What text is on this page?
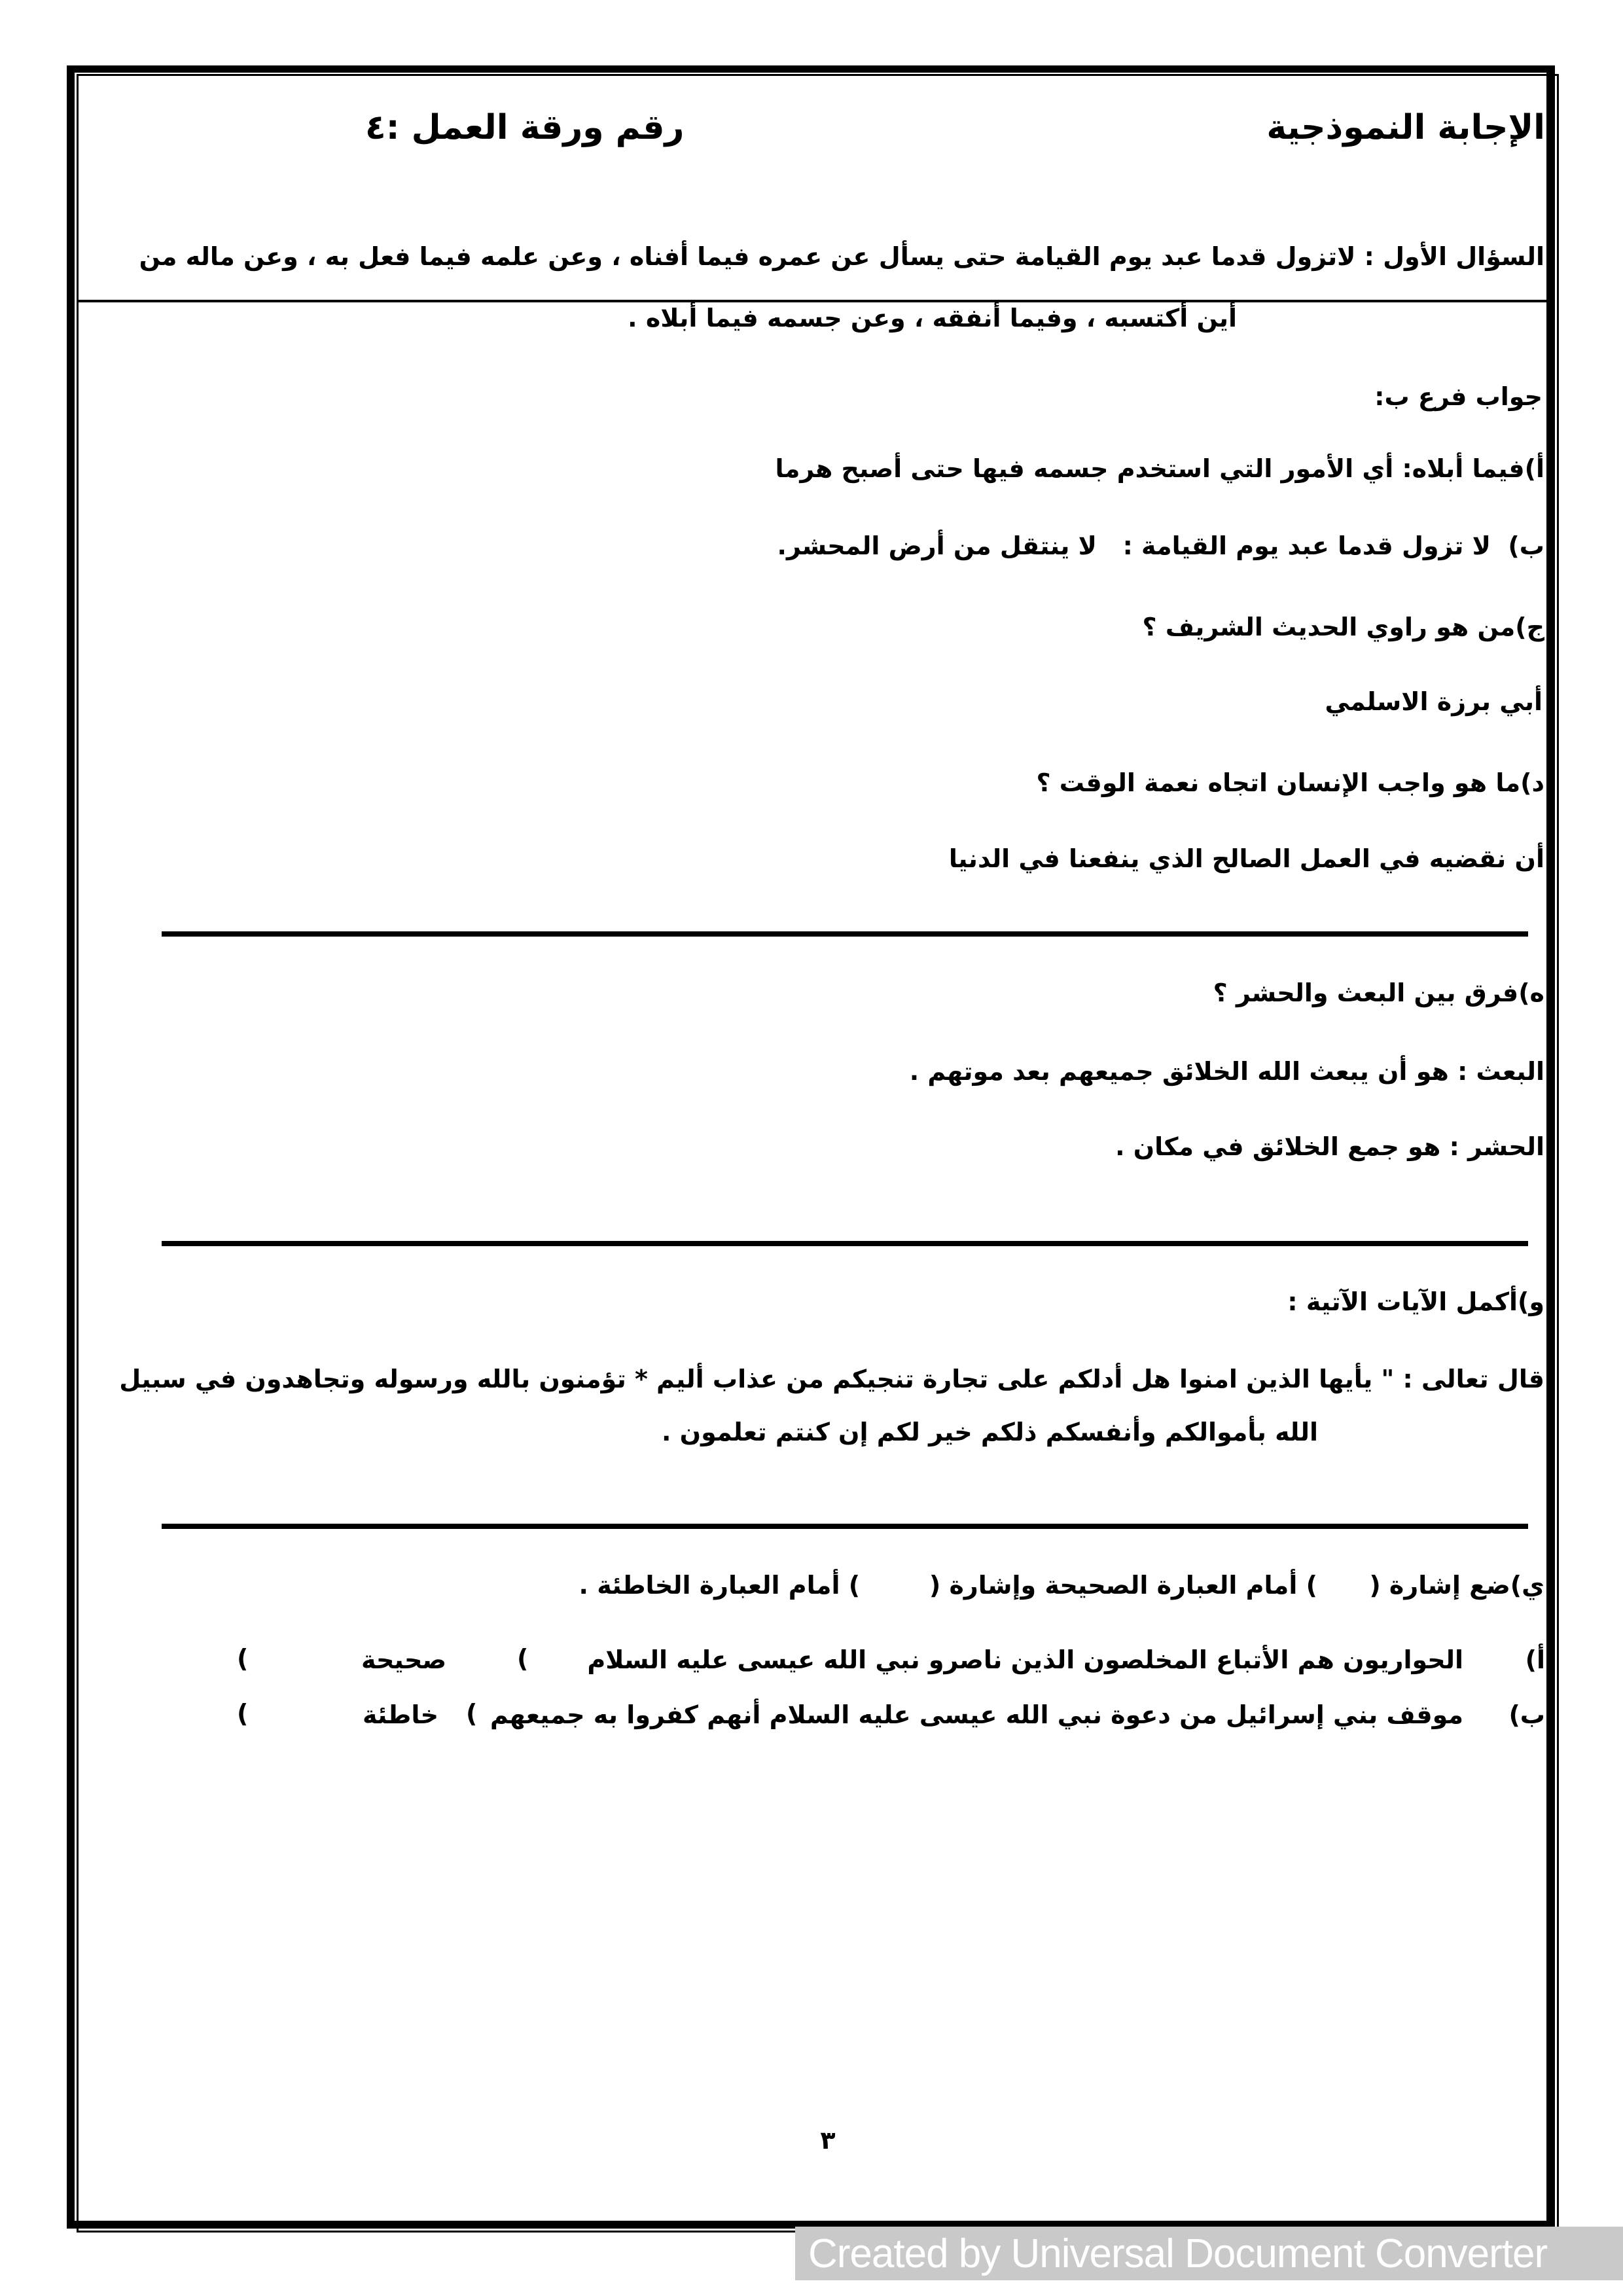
الإجابة النموذجية
رقم ورقة العمل :٤
السؤال الأول : لاتزول قدما عبد يوم القيامة حتى يسأل عن عمره فيما أفناه ، وعن علمه فيما فعل به ، وعن ماله من
أين أكتسبه ، وفيما أنفقه ، وعن جسمه فيما أبلاه .
جواب فرع ب:
أ)فيما أبلاه: أي الأمور التي استخدم جسمه فيها حتى أصبح هرما
ب)  لا تزول قدما عبد يوم القيامة :   لا ينتقل من أرض المحشر.
ج)من هو راوي الحديث الشريف ؟
أبي برزة الاسلمي
د)ما هو واجب الإنسان اتجاه نعمة الوقت ؟
أن نقضيه في العمل الصالح الذي ينفعنا في الدنيا
ه)فرق بين البعث والحشر ؟
البعث : هو أن يبعث الله الخلائق جميعهم بعد موتهم .
الحشر : هو جمع الخلائق في مكان .
و)أكمل الآيات الآتية :
قال تعالى : " يأيها الذين امنوا هل أدلكم على تجارة تنجيكم من عذاب أليم * تؤمنون بالله ورسوله وتجاهدون في سبيل
الله بأموالكم وأنفسكم ذلكم خير لكم إن كنتم تعلمون .
ي)ضع إشارة (      ) أمام العبارة الصحيحة وإشارة (        ) أمام العبارة الخاطئة .
أ)
الحواريون هم الأتباع المخلصون الذين ناصرو نبي الله عيسى عليه السلام
(
صحيحة
(
ب)
موقف بني إسرائيل من دعوة نبي الله عيسى عليه السلام أنهم كفروا به جميعهم
(
خاطئة
(
٣
Created by Universal Document Converter
